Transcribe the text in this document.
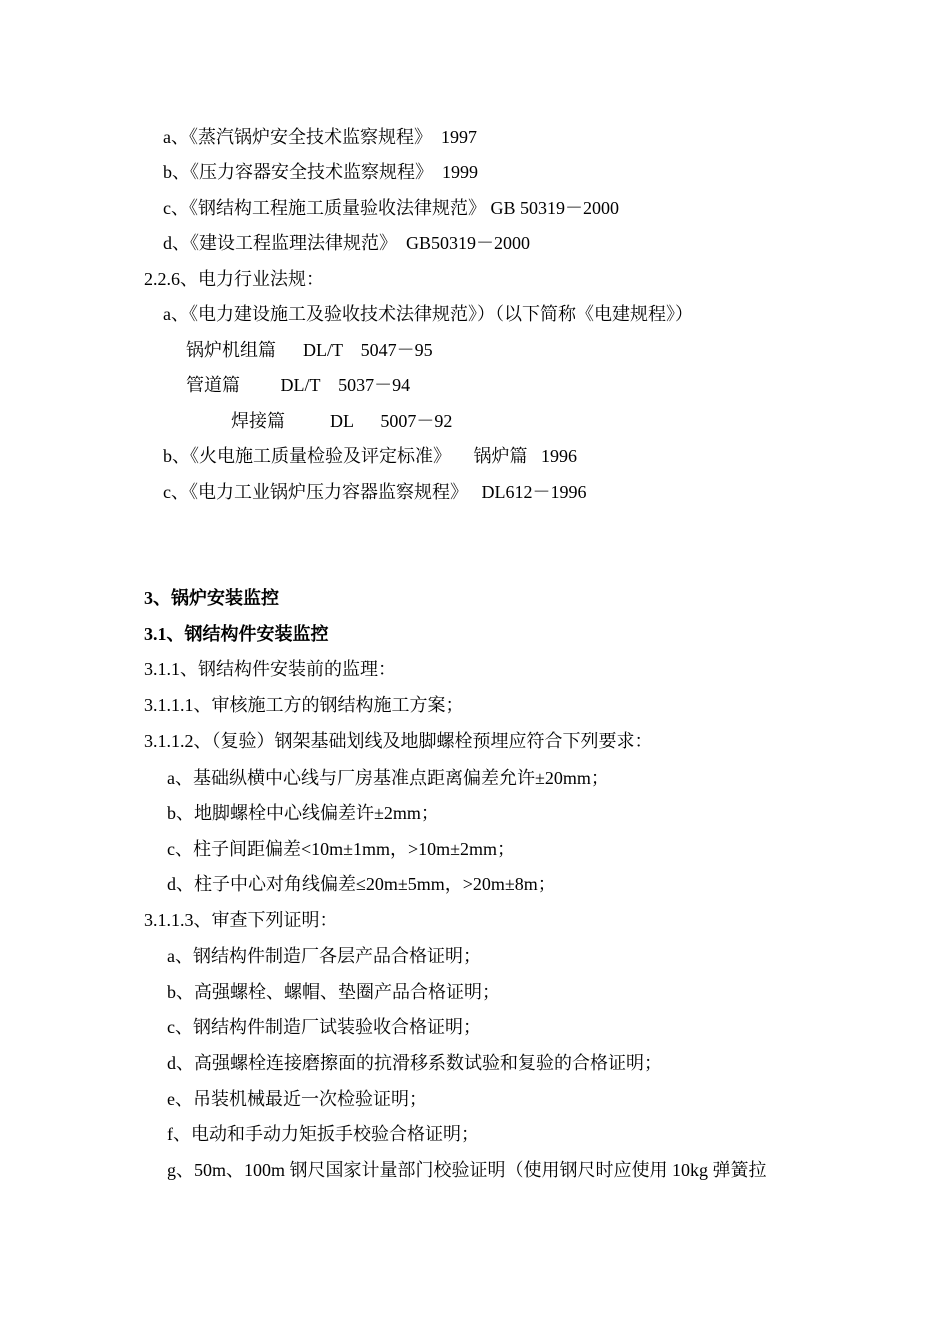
a、《蒸汽锅炉安全技术监察规程》  1997
b、《压力容器安全技术监察规程》  1999
c、《钢结构工程施工质量验收法律规范》 GB 50319－2000
d、《建设工程监理法律规范》  GB50319－2000
2.2.6、电力行业法规：
a、《电力建设施工及验收技术法律规范》）（以下简称《电建规程》）
锅炉机组篇      DL/T    5047－95
管道篇         DL/T    5037－94
焊接篇          DL      5007－92
b、《火电施工质量检验及评定标准》     锅炉篇   1996
c、《电力工业锅炉压力容器监察规程》   DL612－1996
3、锅炉安装监控
3.1、钢结构件安装监控
3.1.1、钢结构件安装前的监理：
3.1.1.1、审核施工方的钢结构施工方案；
3.1.1.2、（复验）钢架基础划线及地脚螺栓预埋应符合下列要求：
a、基础纵横中心线与厂房基准点距离偏差允许±20mm；
b、地脚螺栓中心线偏差许±2mm；
c、柱子间距偏差<10m±1mm，>10m±2mm；
d、柱子中心对角线偏差≤20m±5mm，>20m±8m；
3.1.1.3、审查下列证明：
a、钢结构件制造厂各层产品合格证明；
b、高强螺栓、螺帽、垫圈产品合格证明；
c、钢结构件制造厂试装验收合格证明；
d、高强螺栓连接磨擦面的抗滑移系数试验和复验的合格证明；
e、吊装机械最近一次检验证明；
f、电动和手动力矩扳手校验合格证明；
g、50m、100m 钢尺国家计量部门校验证明（使用钢尺时应使用 10kg 弹簧拉
